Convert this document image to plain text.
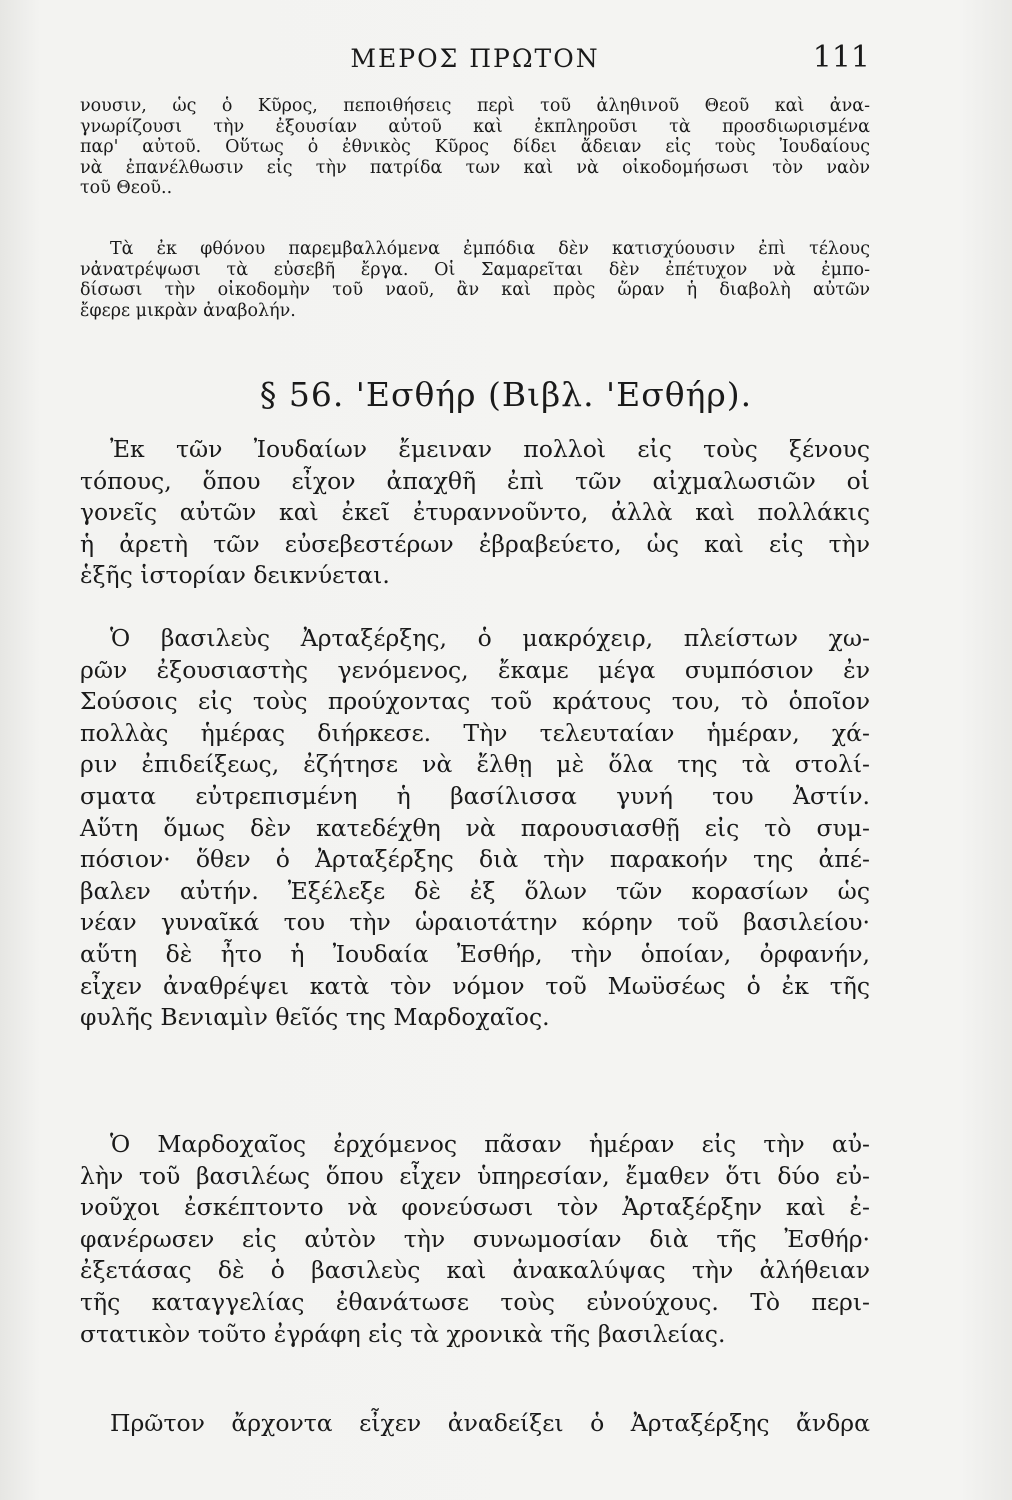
ΜΕΡΟΣ ΠΡΩΤΟΝ	111
νουσιν, ὡς ὁ Κῦρος, πεποιθήσεις περὶ τοῦ ἀληθινοῦ Θεοῦ καὶ ἀνα-
γνωρίζουσι τὴν ἐξουσίαν αὐτοῦ καὶ ἐκπληροῦσι τὰ προσδιωρισμένα
παρ' αὐτοῦ. Οὕτως ὁ ἐθνικὸς Κῦρος δίδει ἄδειαν εἰς τοὺς Ἰουδαίους
νὰ ἐπανέλθωσιν εἰς τὴν πατρίδα των καὶ νὰ οἰκοδομήσωσι τὸν ναὸν
τοῦ Θεοῦ..
Τὰ ἐκ φθόνου παρεμβαλλόμενα ἐμπόδια δὲν κατισχύουσιν ἐπὶ τέλους
νἀνατρέψωσι τὰ εὐσεβῆ ἔργα. Οἱ Σαμαρεῖται δὲν ἐπέτυχον νὰ ἐμπο-
δίσωσι τὴν οἰκοδομὴν τοῦ ναοῦ, ἂν καὶ πρὸς ὥραν ἡ διαβολὴ αὐτῶν
ἔφερε μικρὰν ἀναβολήν.
§ 56. 'Εσθήρ (Βιβλ. 'Εσθήρ).
Ἐκ τῶν Ἰουδαίων ἔμειναν πολλοὶ εἰς τοὺς ξένους
τόπους, ὅπου εἶχον ἀπαχθῆ ἐπὶ τῶν αἰχμαλωσιῶν οἱ
γονεῖς αὐτῶν καὶ ἐκεῖ ἐτυραννοῦντο, ἀλλὰ καὶ πολλάκις
ἡ ἀρετὴ τῶν εὐσεβεστέρων ἐβραβεύετο, ὡς καὶ εἰς τὴν
ἑξῆς ἱστορίαν δεικνύεται.
Ὁ βασιλεὺς Ἀρταξέρξης, ὁ μακρόχειρ, πλείστων χω-
ρῶν ἐξουσιαστὴς γενόμενος, ἔκαμε μέγα συμπόσιον ἐν
Σούσοις εἰς τοὺς προύχοντας τοῦ κράτους του, τὸ ὁποῖον
πολλὰς ἡμέρας διήρκεσε. Τὴν τελευταίαν ἡμέραν, χά-
ριν ἐπιδείξεως, ἐζήτησε νὰ ἔλθῃ μὲ ὅλα της τὰ στολί-
σματα εὐτρεπισμένη ἡ βασίλισσα γυνή του Ἀστίν.
Αὕτη ὅμως δὲν κατεδέχθη νὰ παρουσιασθῇ εἰς τὸ συμ-
πόσιον· ὅθεν ὁ Ἀρταξέρξης διὰ τὴν παρακοήν της ἀπέ-
βαλεν αὐτήν. Ἐξέλεξε δὲ ἐξ ὅλων τῶν κορασίων ὡς
νέαν γυναῖκά του τὴν ὡραιοτάτην κόρην τοῦ βασιλείου·
αὕτη δὲ ἦτο ἡ Ἰουδαία Ἐσθήρ, τὴν ὁποίαν, ὀρφανήν,
εἶχεν ἀναθρέψει κατὰ τὸν νόμον τοῦ Μωϋσέως ὁ ἐκ τῆς
φυλῆς Βενιαμὶν θεῖός της Μαρδοχαῖος.
Ὁ Μαρδοχαῖος ἐρχόμενος πᾶσαν ἡμέραν εἰς τὴν αὐ-
λὴν τοῦ βασιλέως ὅπου εἶχεν ὑπηρεσίαν, ἔμαθεν ὅτι δύο εὐ-
νοῦχοι ἐσκέπτοντο νὰ φονεύσωσι τὸν Ἀρταξέρξην καὶ ἐ-
φανέρωσεν εἰς αὐτὸν τὴν συνωμοσίαν διὰ τῆς Ἐσθήρ·
ἐξετάσας δὲ ὁ βασιλεὺς καὶ ἀνακαλύψας τὴν ἀλήθειαν
τῆς καταγγελίας ἐθανάτωσε τοὺς εὐνούχους. Τὸ περι-
στατικὸν τοῦτο ἐγράφη εἰς τὰ χρονικὰ τῆς βασιλείας.
Πρῶτον ἄρχοντα εἶχεν ἀναδείξει ὁ Ἀρταξέρξης ἄνδρα
